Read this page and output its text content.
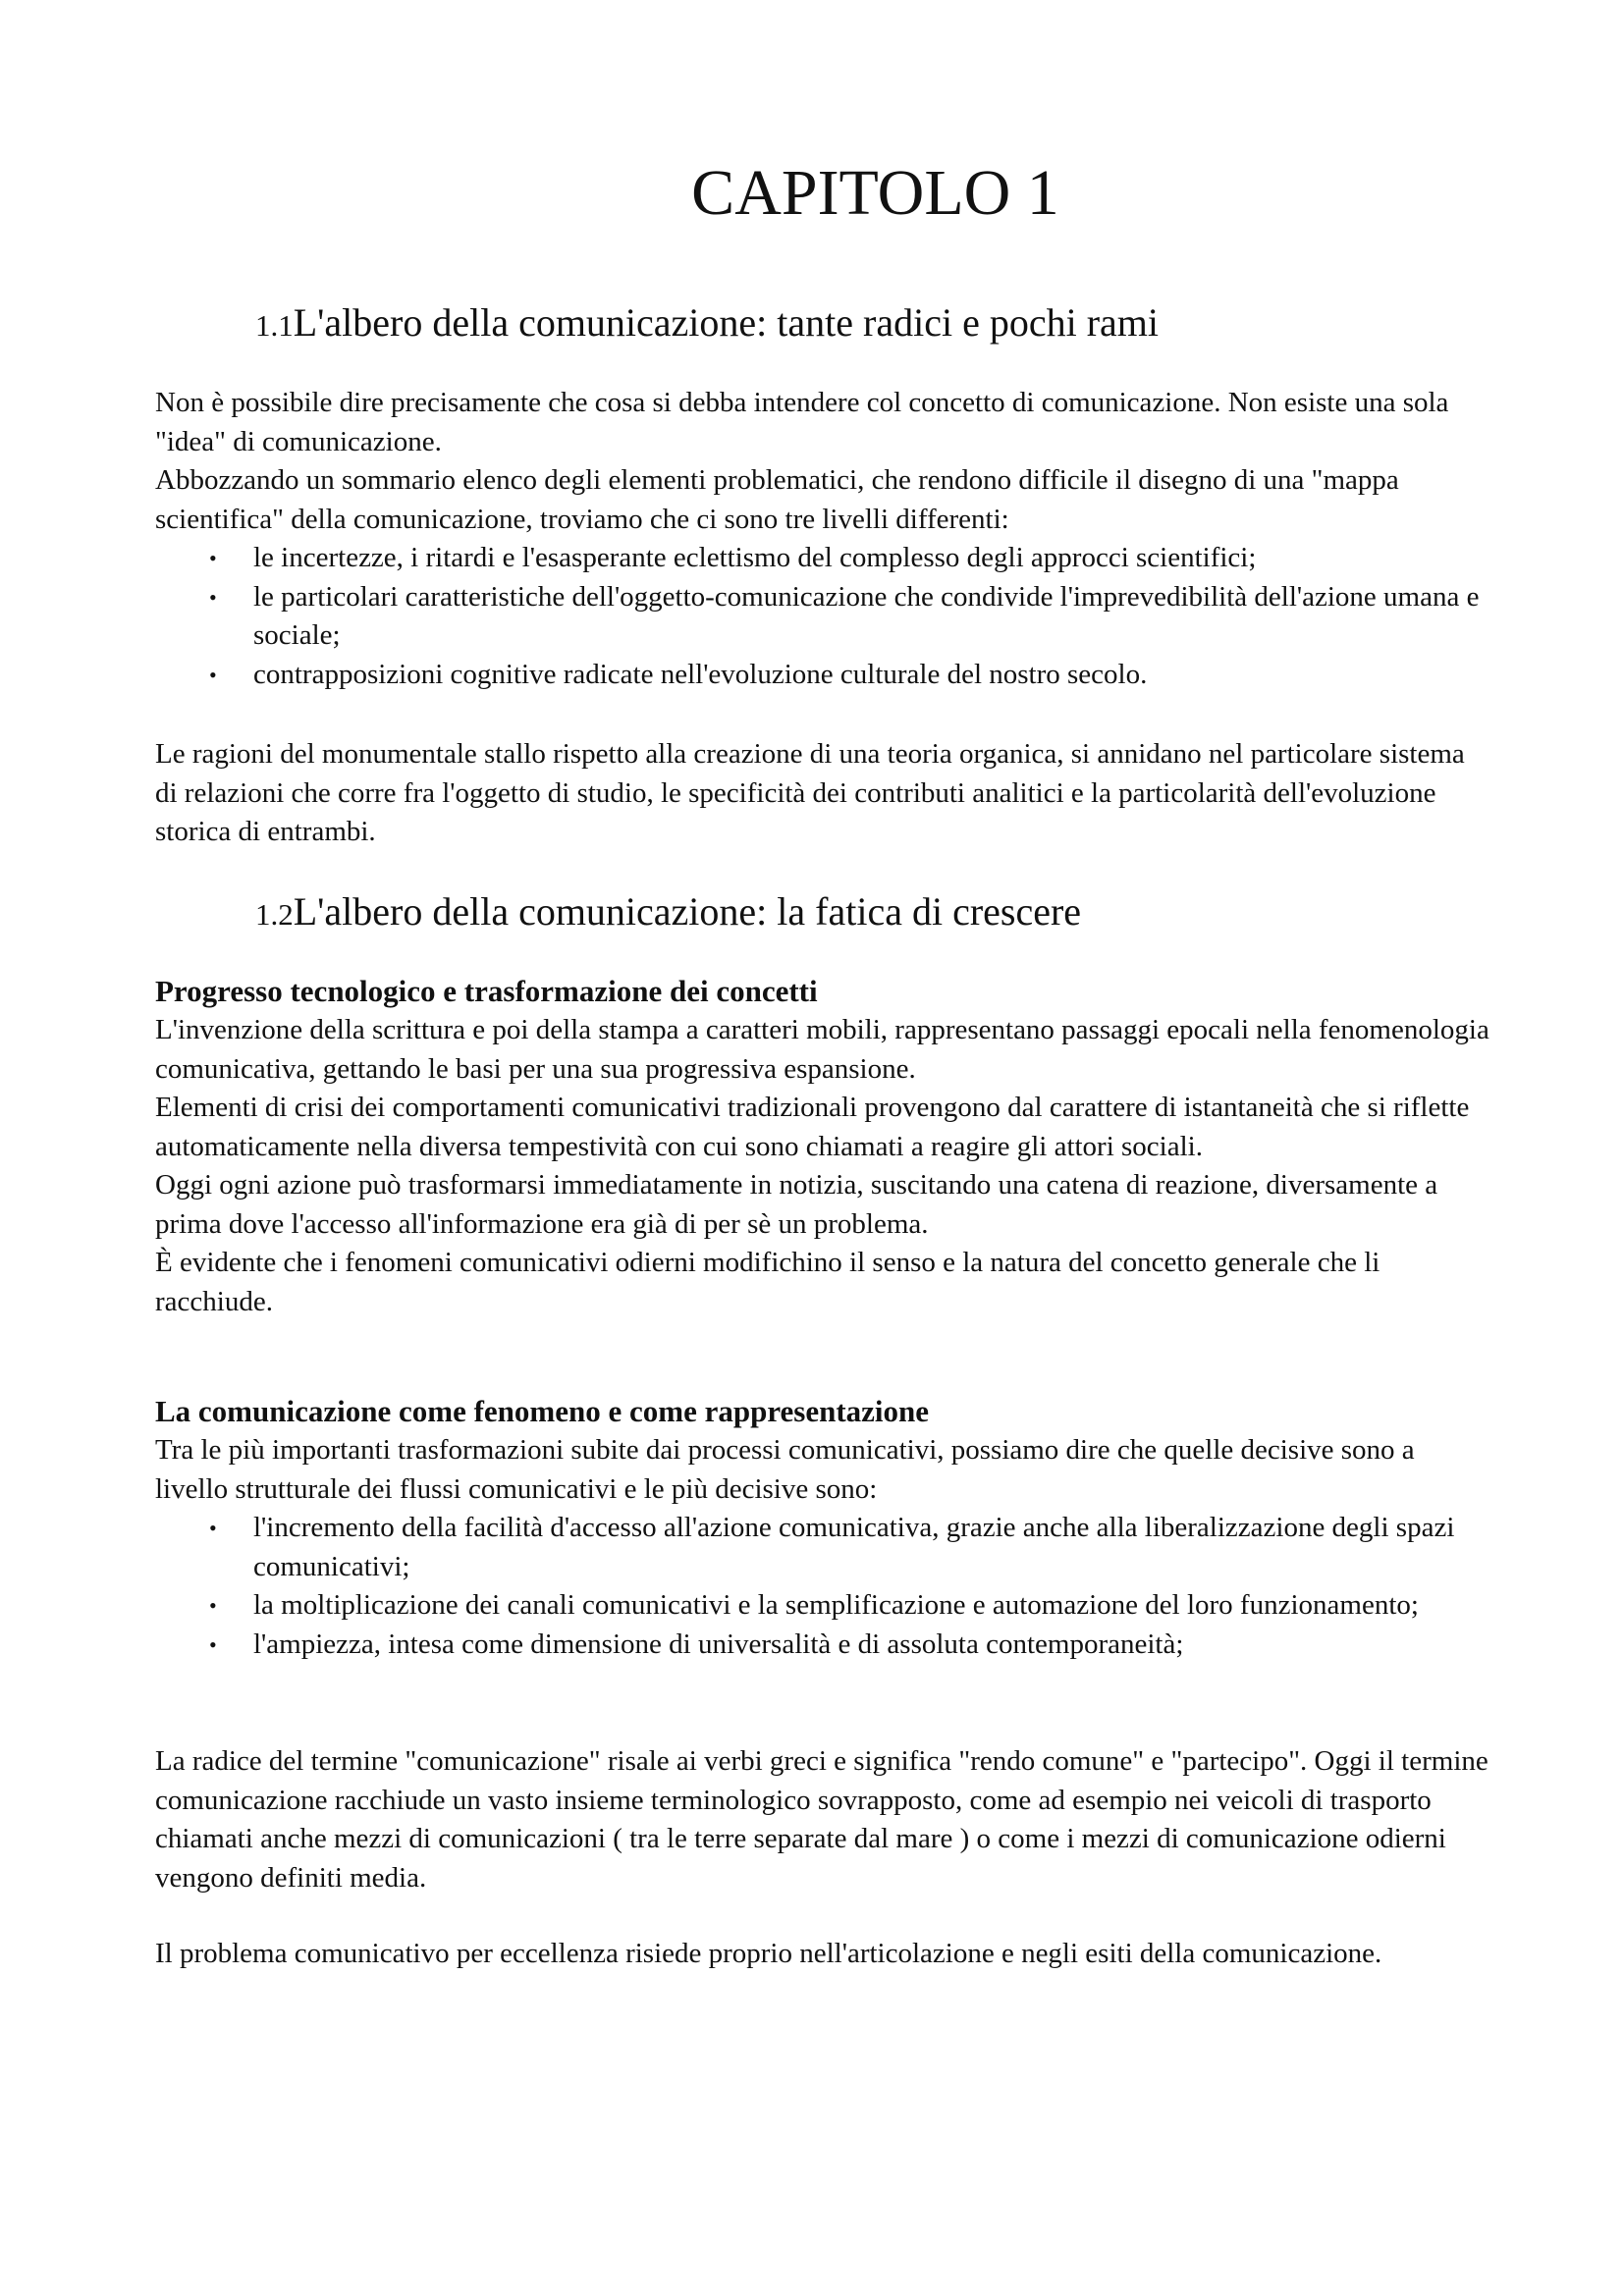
CAPITOLO 1
1.1L'albero della comunicazione: tante radici e pochi rami

Non è possibile dire precisamente che cosa si debba intendere col concetto di comunicazione. Non esiste una sola "idea" di comunicazione.

Abbozzando un sommario elenco degli elementi problematici, che rendono difficile il disegno di una "mappa scientifica" della comunicazione, troviamo che ci sono tre livelli differenti:

• le incertezze, i ritardi e l'esasperante eclettismo del complesso degli approcci scientifici;
• le particolari caratteristiche dell'oggetto-comunicazione che condivide l'imprevedibilità dell'azione umana e sociale;
• contrapposizioni cognitive radicate nell'evoluzione culturale del nostro secolo.

Le ragioni del monumentale stallo rispetto alla creazione di una teoria organica, si annidano nel particolare sistema di relazioni che corre fra l'oggetto di studio, le specificità dei contributi analitici e la particolarità dell'evoluzione storica di entrambi.

1.2L'albero della comunicazione: la fatica di crescere
Progresso tecnologico e trasformazione dei concetti

L'invenzione della scrittura e poi della stampa a caratteri mobili, rappresentano passaggi epocali nella fenomenologia comunicativa, gettando le basi per una sua progressiva espansione.

Elementi di crisi dei comportamenti comunicativi tradizionali provengono dal carattere di istantaneità che si riflette automaticamente nella diversa tempestività con cui sono chiamati a reagire gli attori sociali.

Oggi ogni azione può trasformarsi immediatamente in notizia, suscitando una catena di reazione, diversamente a prima dove l'accesso all'informazione era già di per sè un problema.

È evidente che i fenomeni comunicativi odierni modifichino il senso e la natura del concetto generale che li racchiude.

La comunicazione come fenomeno e come rappresentazione

Tra le più importanti trasformazioni subite dai processi comunicativi, possiamo dire che quelle decisive sono a livello strutturale dei flussi comunicativi e le più decisive sono:

• l'incremento della facilità d'accesso all'azione comunicativa, grazie anche alla liberalizzazione degli spazi comunicativi;
• la moltiplicazione dei canali comunicativi e la semplificazione e automazione del loro funzionamento;
• l'ampiezza, intesa come dimensione di universalità e di assoluta contemporaneità;

La radice del termine "comunicazione" risale ai verbi greci e significa "rendo comune" e "partecipo". Oggi il termine comunicazione racchiude un vasto insieme terminologico sovrapposto, come ad esempio nei veicoli di trasporto chiamati anche mezzi di comunicazioni ( tra le terre separate dal mare ) o come i mezzi di comunicazione odierni vengono definiti media.

Il problema comunicativo per eccellenza risiede proprio nell'articolazione e negli esiti della comunicazione.
